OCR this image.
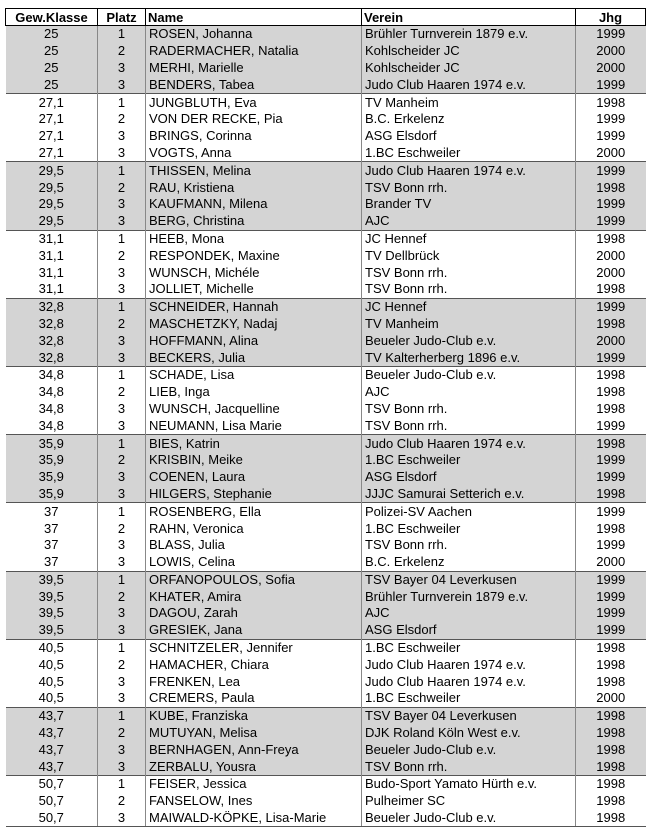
Gew.Klasse	Platz	Name	Verein	Jhg
25	1	ROSEN, Johanna	Brühler Turnverein 1879 e.v.	1999
25	2	RADERMACHER, Natalia	Kohlscheider JC	2000
25	3	MERHI, Marielle	Kohlscheider JC	2000
25	3	BENDERS, Tabea	Judo Club Haaren 1974 e.v.	1999
27,1	1	JUNGBLUTH, Eva	TV Manheim	1998
27,1	2	VON DER RECKE, Pia	B.C. Erkelenz	1999
27,1	3	BRINGS, Corinna	ASG Elsdorf	1999
27,1	3	VOGTS, Anna	1.BC Eschweiler	2000
29,5	1	THISSEN, Melina	Judo Club Haaren 1974 e.v.	1999
29,5	2	RAU, Kristiena	TSV Bonn rrh.	1998
29,5	3	KAUFMANN, Milena	Brander TV	1999
29,5	3	BERG, Christina	AJC	1999
31,1	1	HEEB, Mona	JC Hennef	1998
31,1	2	RESPONDEK, Maxine	TV Dellbrück	2000
31,1	3	WUNSCH, Michéle	TSV Bonn rrh.	2000
31,1	3	JOLLIET, Michelle	TSV Bonn rrh.	1998
32,8	1	SCHNEIDER, Hannah	JC Hennef	1999
32,8	2	MASCHETZKY, Nadaj	TV Manheim	1998
32,8	3	HOFFMANN, Alina	Beueler Judo-Club e.v.	2000
32,8	3	BECKERS, Julia	TV Kalterherberg 1896 e.v.	1999
34,8	1	SCHADE, Lisa	Beueler Judo-Club e.v.	1998
34,8	2	LIEB, Inga	AJC	1998
34,8	3	WUNSCH, Jacquelline	TSV Bonn rrh.	1998
34,8	3	NEUMANN, Lisa Marie	TSV Bonn rrh.	1999
35,9	1	BIES, Katrin	Judo Club Haaren 1974 e.v.	1998
35,9	2	KRISBIN, Meike	1.BC Eschweiler	1999
35,9	3	COENEN, Laura	ASG Elsdorf	1999
35,9	3	HILGERS, Stephanie	JJJC Samurai Setterich e.v.	1998
37	1	ROSENBERG, Ella	Polizei-SV Aachen	1999
37	2	RAHN, Veronica	1.BC Eschweiler	1998
37	3	BLASS, Julia	TSV Bonn rrh.	1999
37	3	LOWIS, Celina	B.C. Erkelenz	2000
39,5	1	ORFANOPOULOS, Sofia	TSV Bayer 04 Leverkusen	1999
39,5	2	KHATER, Amira	Brühler Turnverein 1879 e.v.	1999
39,5	3	DAGOU, Zarah	AJC	1999
39,5	3	GRESIEK, Jana	ASG Elsdorf	1999
40,5	1	SCHNITZELER, Jennifer	1.BC Eschweiler	1998
40,5	2	HAMACHER, Chiara	Judo Club Haaren 1974 e.v.	1998
40,5	3	FRENKEN, Lea	Judo Club Haaren 1974 e.v.	1998
40,5	3	CREMERS, Paula	1.BC Eschweiler	2000
43,7	1	KUBE, Franziska	TSV Bayer 04 Leverkusen	1998
43,7	2	MUTUYAN, Melisa	DJK Roland Köln West e.v.	1998
43,7	3	BERNHAGEN, Ann-Freya	Beueler Judo-Club e.v.	1998
43,7	3	ZERBALU, Yousra	TSV Bonn rrh.	1998
50,7	1	FEISER, Jessica	Budo-Sport Yamato Hürth e.v.	1998
50,7	2	FANSELOW, Ines	Pulheimer SC	1998
50,7	3	MAIWALD-KÖPKE, Lisa-Marie	Beueler Judo-Club e.v.	1998
